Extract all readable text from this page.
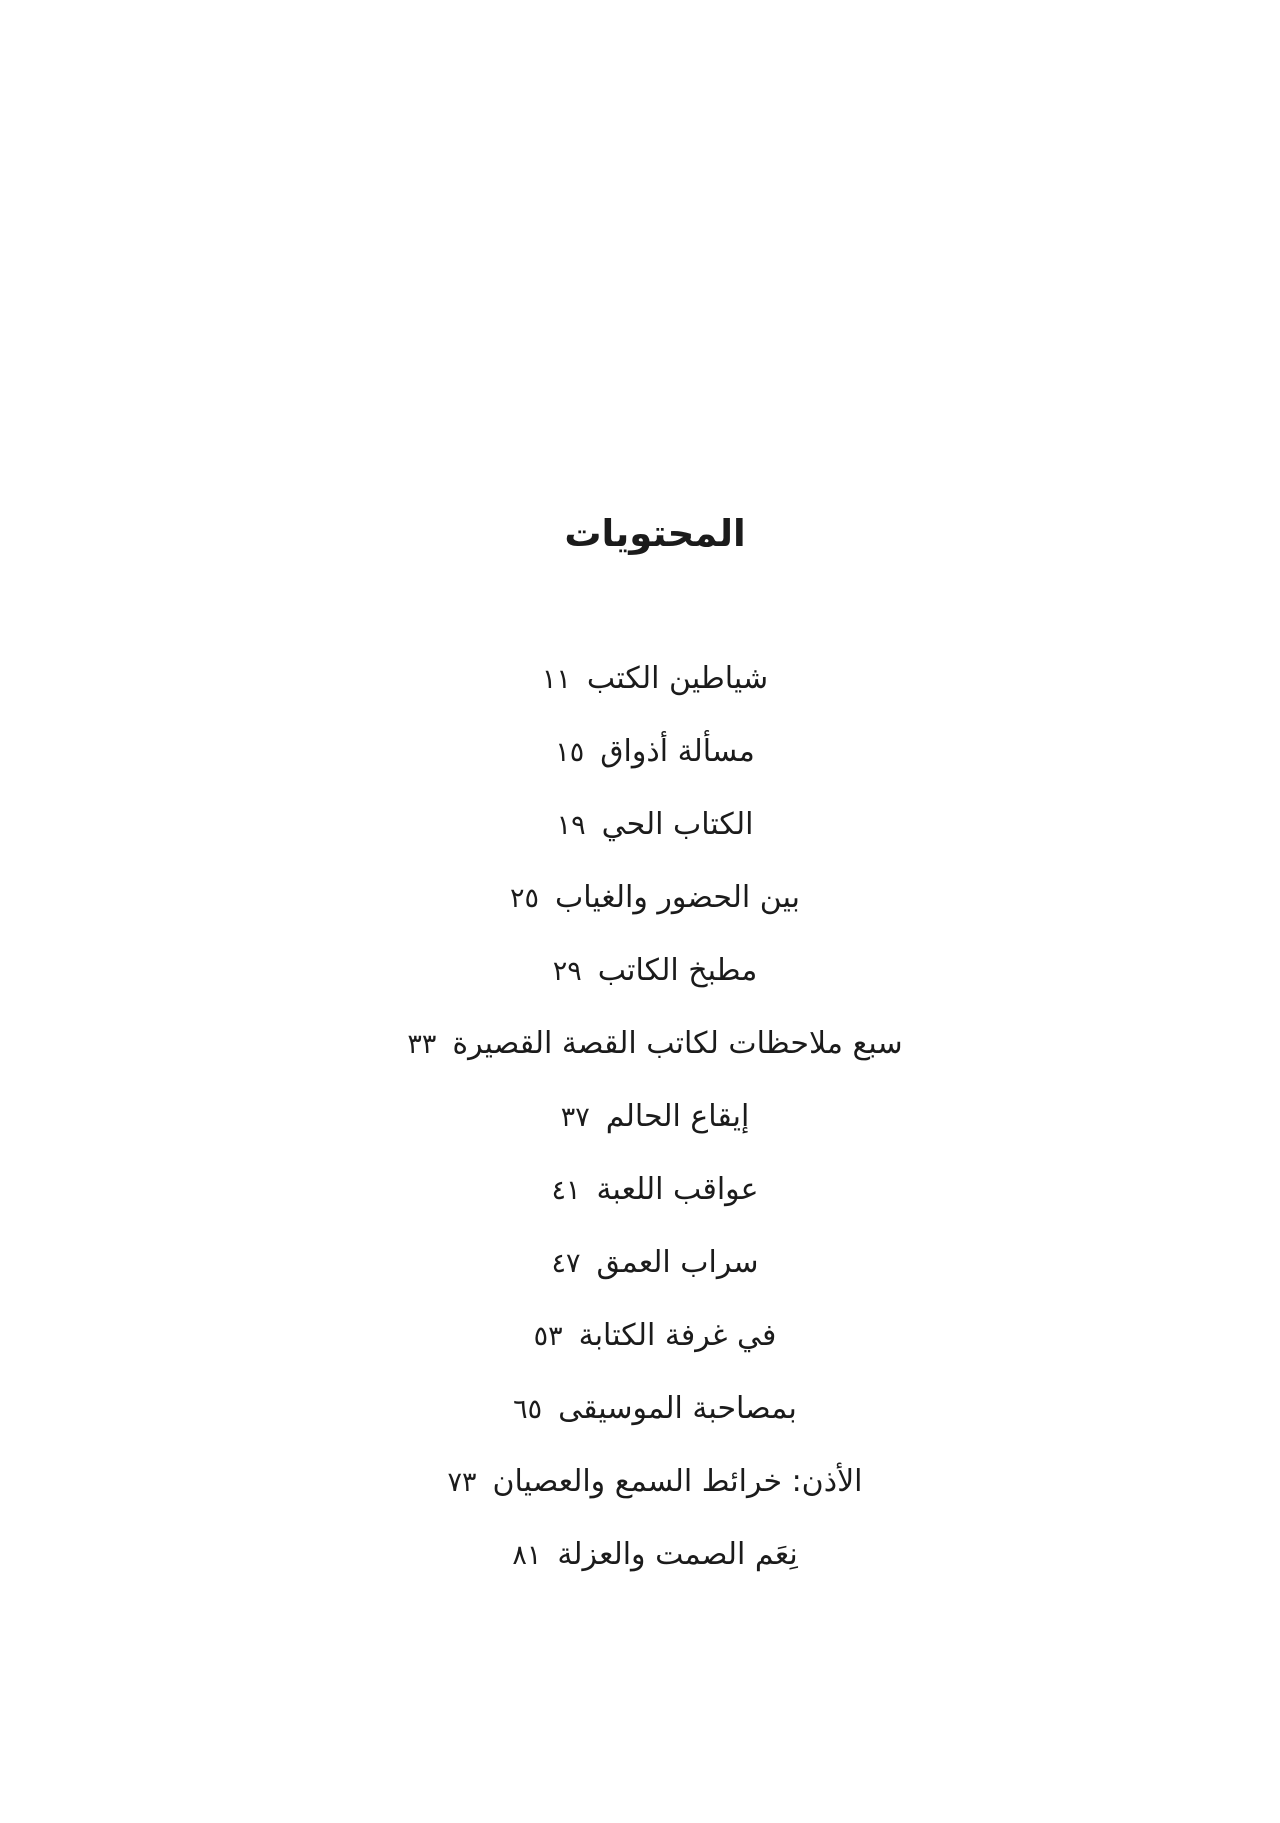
المحتويات
شياطين الكتب
١١
مسألة أذواق
١٥
الكتاب الحي
١٩
بين الحضور والغياب
٢٥
مطبخ الكاتب
٢٩
سبع ملاحظات لكاتب القصة القصيرة
٣٣
إيقاع الحالم
٣٧
عواقب اللعبة
٤١
سراب العمق
٤٧
في غرفة الكتابة
٥٣
بمصاحبة الموسيقى
٦٥
الأذن: خرائط السمع والعصيان
٧٣
نِعَم الصمت والعزلة
٨١
